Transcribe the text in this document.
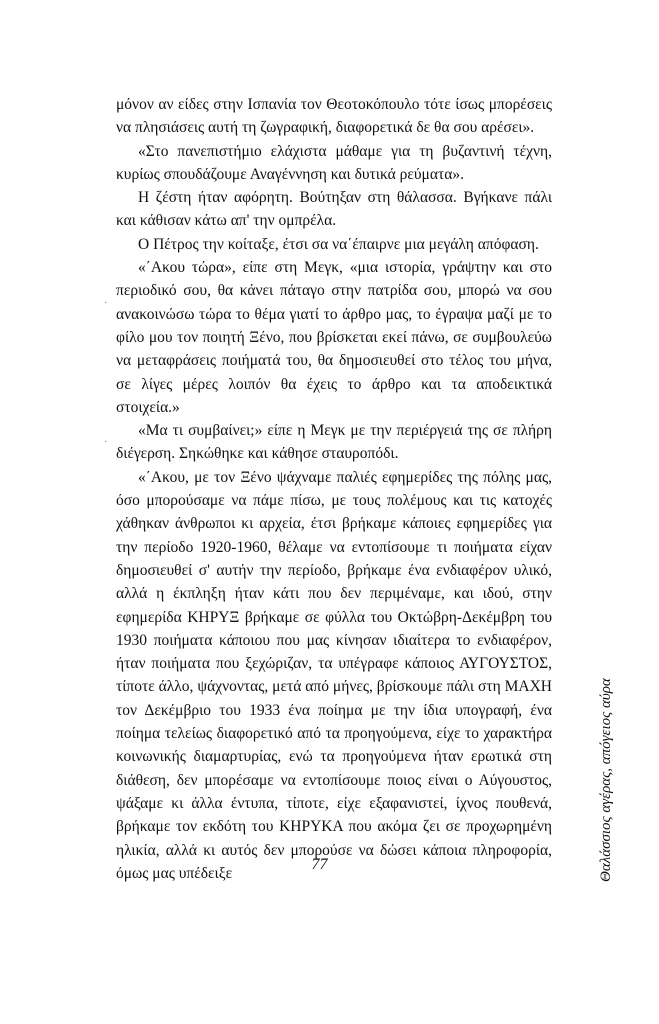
μόνον αν είδες στην Ισπανία τον Θεοτοκόπουλο τότε ίσως μπορέσεις να πλησιάσεις αυτή τη ζωγραφική, διαφορετικά δε θα σου αρέσει».

«Στο πανεπιστήμιο ελάχιστα μάθαμε για τη βυζαντινή τέχνη, κυρίως σπουδάζουμε Αναγέννηση και δυτικά ρεύματα».

Η ζέστη ήταν αφόρητη. Βούτηξαν στη θάλασσα. Βγήκανε πάλι και κάθισαν κάτω απ' την ομπρέλα.

Ο Πέτρος την κοίταξε, έτσι σα να΄έπαιρνε μια μεγάλη απόφαση.

«΄Ακου τώρα», είπε στη Μεγκ, «μια ιστορία, γράψτην και στο περιοδικό σου, θα κάνει πάταγο στην πατρίδα σου, μπορώ να σου ανακοινώσω τώρα το θέμα γιατί το άρθρο μας, το έγραψα μαζί με το φίλο μου τον ποιητή Ξένο, που βρίσκεται εκεί πάνω, σε συμβουλεύω να μεταφράσεις ποιήματά του, θα δημοσιευθεί στο τέλος του μήνα, σε λίγες μέρες λοιπόν θα έχεις το άρθρο και τα αποδεικτικά στοιχεία.»

«Μα τι συμβαίνει;» είπε η Μεγκ με την περιέργειά της σε πλήρη διέγερση. Σηκώθηκε και κάθησε σταυροπόδι.

«΄Ακου, με τον Ξένο ψάχναμε παλιές εφημερίδες της πόλης μας, όσο μπορούσαμε να πάμε πίσω, με τους πολέμους και τις κατοχές χάθηκαν άνθρωποι κι αρχεία, έτσι βρήκαμε κάποιες εφημερίδες για την περίοδο 1920-1960, θέλαμε να εντοπίσουμε τι ποιήματα είχαν δημοσιευθεί σ' αυτήν την περίοδο, βρήκαμε ένα ενδιαφέρον υλικό, αλλά η έκπληξη ήταν κάτι που δεν περιμέναμε, και ιδού, στην εφημερίδα ΚΗΡΥΞ βρήκαμε σε φύλλα του Οκτώβρη-Δεκέμβρη του 1930 ποιήματα κάποιου που μας κίνησαν ιδιαίτερα το ενδιαφέρον, ήταν ποιήματα που ξεχώριζαν, τα υπέγραφε κάποιος ΑΥΓΟΥΣΤΟΣ, τίποτε άλλο, ψάχνοντας, μετά από μήνες, βρίσκουμε πάλι στη ΜΑΧΗ τον Δεκέμβριο του 1933 ένα ποίημα με την ίδια υπογραφή, ένα ποίημα τελείως διαφορετικό από τα προηγούμενα, είχε το χαρακτήρα κοινωνικής διαμαρτυρίας, ενώ τα προηγούμενα ήταν ερωτικά στη διάθεση, δεν μπορέσαμε να εντοπίσουμε ποιος είναι ο Αύγουστος, ψάξαμε κι άλλα έντυπα, τίποτε, είχε εξαφανιστεί, ίχνος πουθενά, βρήκαμε τον εκδότη του ΚΗΡΥΚΑ που ακόμα ζει σε προχωρημένη ηλικία, αλλά κι αυτός δεν μπορούσε να δώσει κάποια πληροφορία, όμως μας υπέδειξε

·
·
77	Θαλάσσιος αγέρας, απόγειος αύρα
